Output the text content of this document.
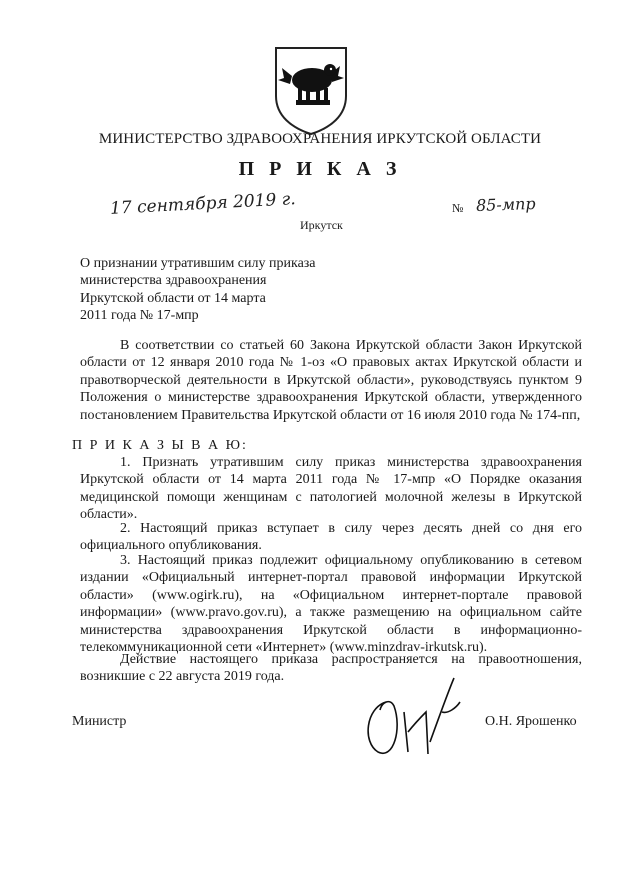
МИНИСТЕРСТВО ЗДРАВООХРАНЕНИЯ ИРКУТСКОЙ ОБЛАСТИ
П Р И К А З
17 сентября 2019 г.
Иркутск
№ 85-мпр
О признании утратившим силу приказа
министерства здравоохранения
Иркутской области от 14 марта
2011 года № 17-мпр
В соответствии со статьей 60 Закона Иркутской области Закон Иркутской области от 12 января 2010 года № 1-оз «О правовых актах Иркутской области и правотворческой деятельности в Иркутской области», руководствуясь пунктом 9 Положения о министерстве здравоохранения Иркутской области, утвержденного постановлением Правительства Иркутской области от 16 июля 2010 года № 174-пп,
П Р И К А З Ы В А Ю:
1. Признать утратившим силу приказ министерства здравоохранения Иркутской области от 14 марта 2011 года № 17-мпр «О Порядке оказания медицинской помощи женщинам с патологией молочной железы в Иркутской области».
2. Настоящий приказ вступает в силу через десять дней со дня его официального опубликования.
3. Настоящий приказ подлежит официальному опубликованию в сетевом издании «Официальный интернет-портал правовой информации Иркутской области» (www.ogirk.ru), на «Официальном интернет-портале правовой информации» (www.pravo.gov.ru), а также размещению на официальном сайте министерства здравоохранения Иркутской области в информационно-телекоммуникационной сети «Интернет» (www.minzdrav-irkutsk.ru).
Действие настоящего приказа распространяется на правоотношения, возникшие с 22 августа 2019 года.
Министр	О.Н. Ярошенко
